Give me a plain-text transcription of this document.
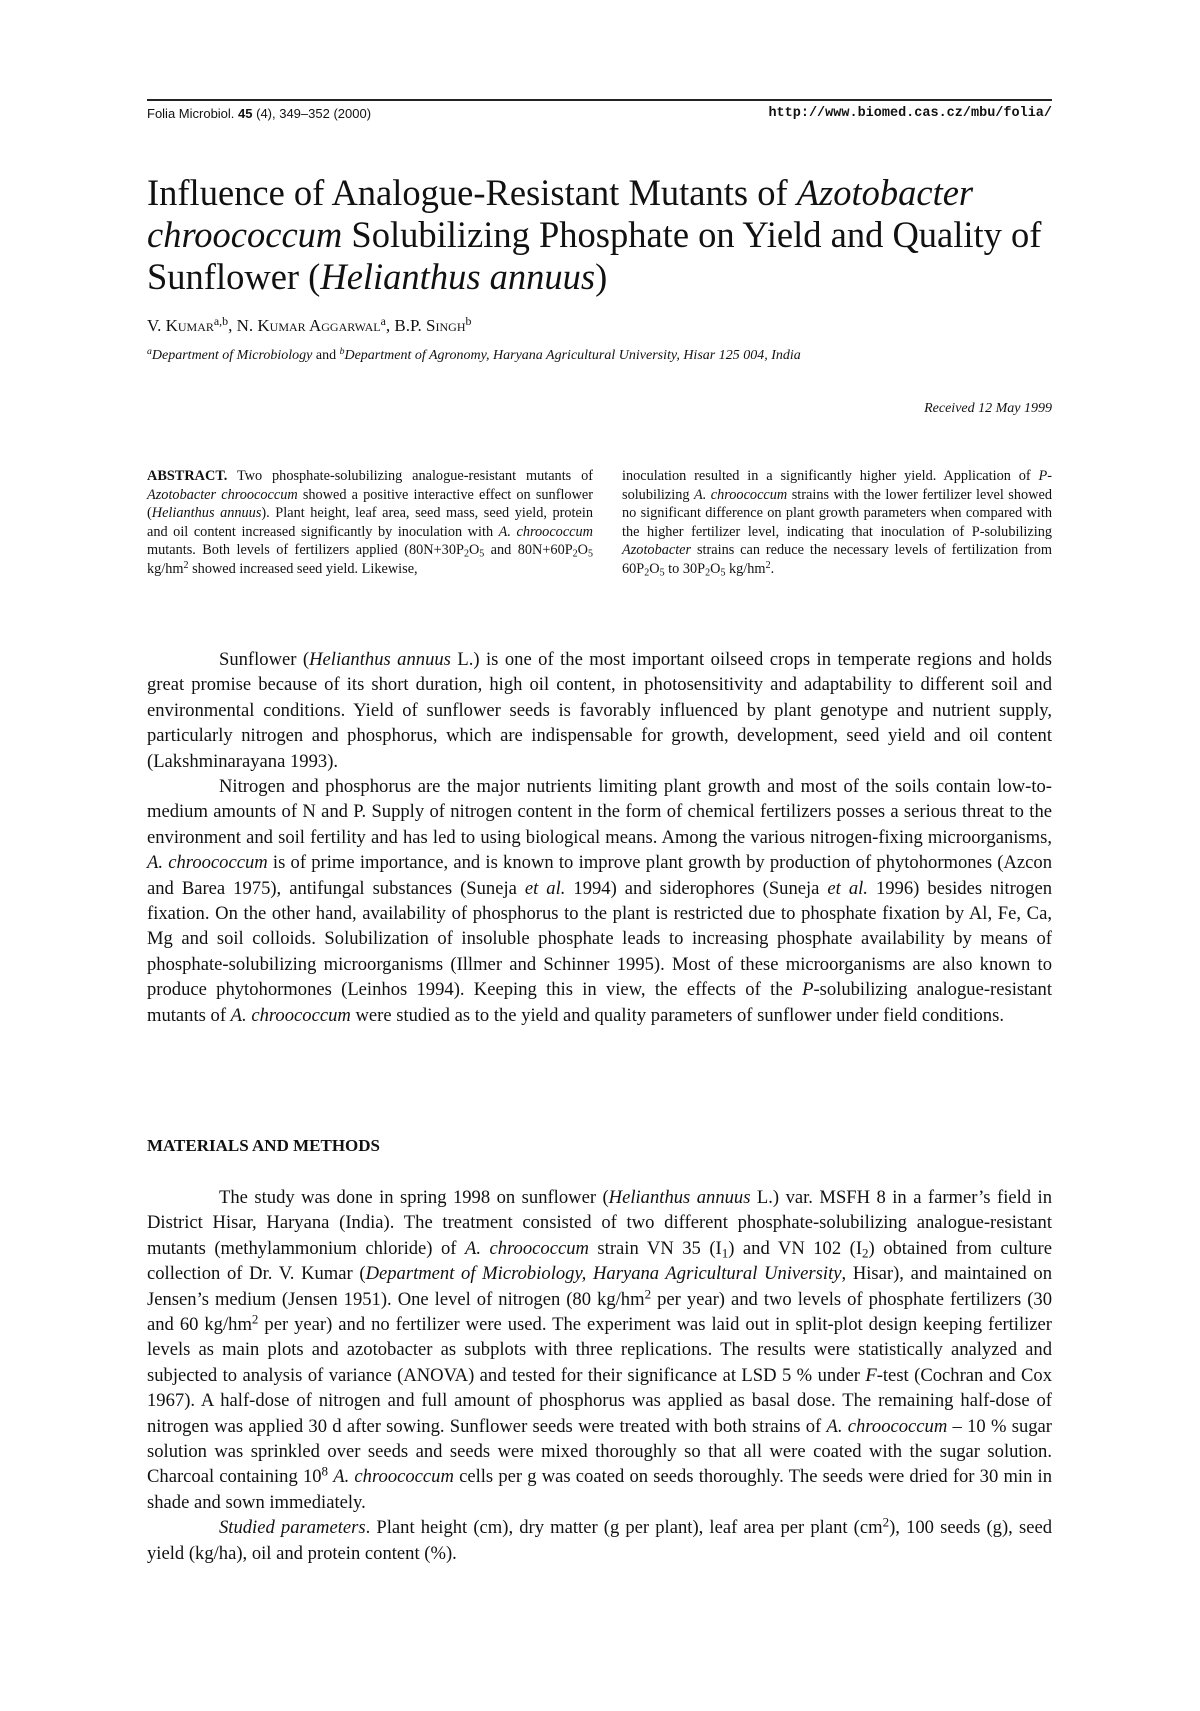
Folia Microbiol. 45 (4), 349–352 (2000)	http://www.biomed.cas.cz/mbu/folia/
Influence of Analogue-Resistant Mutants of Azotobacter chroococcum Solubilizing Phosphate on Yield and Quality of Sunflower (Helianthus annuus)
V. Kumar$^{a,b}$, N. Kumar Aggarwal$^a$, B.P. Singh$^b$
$^a$Department of Microbiology and $^b$Department of Agronomy, Haryana Agricultural University, Hisar 125 004, India
Received 12 May 1999
ABSTRACT. Two phosphate-solubilizing analogue-resistant mutants of Azotobacter chroococcum showed a positive interactive effect on sunflower (Helianthus annuus). Plant height, leaf area, seed mass, seed yield, protein and oil content increased significantly by inoculation with A. chroococcum mutants. Both levels of fertilizers applied ($80N+30P_2O_5$ and $80N+60P_2O_5$ $kg/hm^2$ showed increased seed yield. Likewise,
inoculation resulted in a significantly higher yield. Application of P-solubilizing A. chroococcum strains with the lower fertilizer level showed no significant difference on plant growth parameters when compared with the higher fertilizer level, indicating that inoculation of P-solubilizing Azotobacter strains can reduce the necessary levels of fertilization from $60P_2O_5$ to $30P_2O_5$ $kg/hm^2$.

Sunflower (Helianthus annuus L.) is one of the most important oilseed crops in temperate regions and holds great promise because of its short duration, high oil content, in photosensitivity and adaptability to different soil and environmental conditions. Yield of sunflower seeds is favorably influenced by plant genotype and nutrient supply, particularly nitrogen and phosphorus, which are indispensable for growth, development, seed yield and oil content (Lakshminarayana 1993).

Nitrogen and phosphorus are the major nutrients limiting plant growth and most of the soils contain low-to-medium amounts of N and P. Supply of nitrogen content in the form of chemical fertilizers posses a serious threat to the environment and soil fertility and has led to using biological means. Among the various nitrogen-fixing microorganisms, A. chroococcum is of prime importance, and is known to improve plant growth by production of phytohormones (Azcon and Barea 1975), antifungal substances (Suneja et al. 1994) and siderophores (Suneja et al. 1996) besides nitrogen fixation. On the other hand, availability of phosphorus to the plant is restricted due to phosphate fixation by Al, Fe, Ca, Mg and soil colloids. Solubilization of insoluble phosphate leads to increasing phosphate availability by means of phosphate-solubilizing microorganisms (Illmer and Schinner 1995). Most of these microorganisms are also known to produce phytohormones (Leinhos 1994). Keeping this in view, the effects of the P-solubilizing analogue-resistant mutants of A. chroococcum were studied as to the yield and quality parameters of sunflower under field conditions.

MATERIALS AND METHODS

The study was done in spring 1998 on sunflower (Helianthus annuus L.) var. MSFH 8 in a farmer’s field in District Hisar, Haryana (India). The treatment consisted of two different phosphate-solubilizing analogue-resistant mutants (methylammonium chloride) of A. chroococcum strain VN 35 $(I_1)$ and VN 102 $(I_2)$ obtained from culture collection of Dr. V. Kumar (Department of Microbiology, Haryana Agricultural University, Hisar), and maintained on Jensen’s medium (Jensen 1951). One level of nitrogen (80 $kg/hm^2$ per year) and two levels of phosphate fertilizers (30 and 60 $kg/hm^2$ per year) and no fertilizer were used. The experiment was laid out in split-plot design keeping fertilizer levels as main plots and azotobacter as subplots with three replications. The results were statistically analyzed and subjected to analysis of variance (ANOVA) and tested for their significance at LSD 5 % under F-test (Cochran and Cox 1967). A half-dose of nitrogen and full amount of phosphorus was applied as basal dose. The remaining half-dose of nitrogen was applied 30 d after sowing. Sunflower seeds were treated with both strains of A. chroococcum – 10 % sugar solution was sprinkled over seeds and seeds were mixed thoroughly so that all were coated with the sugar solution. Charcoal containing $10^8$ A. chroococcum cells per g was coated on seeds thoroughly. The seeds were dried for 30 min in shade and sown immediately.

Studied parameters. Plant height (cm), dry matter (g per plant), leaf area per plant $(cm^2)$, 100 seeds (g), seed yield (kg/ha), oil and protein content (%).
